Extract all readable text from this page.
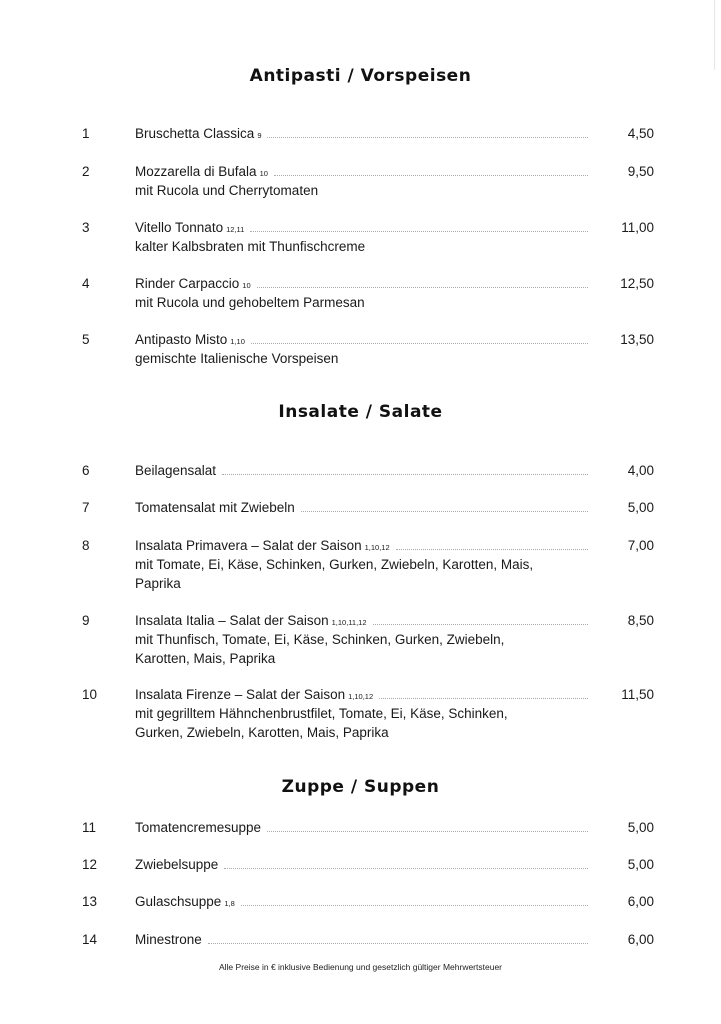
Antipasti / Vorspeisen
1	Bruschetta Classica 9	4,50
2	Mozzarella di Bufala 10	9,50
mit Rucola und Cherrytomaten
3	Vitello Tonnato 12,11	11,00
kalter Kalbsbraten mit Thunfischcreme
4	Rinder Carpaccio 10	12,50
mit Rucola und gehobeltem Parmesan
5	Antipasto Misto 1,10	13,50
gemischte Italienische Vorspeisen
Insalate / Salate
6	Beilagensalat	4,00
7	Tomatensalat mit Zwiebeln	5,00
8	Insalata Primavera – Salat der Saison 1,10,12	7,00
mit Tomate, Ei, Käse, Schinken, Gurken, Zwiebeln, Karotten, Mais, Paprika
9	Insalata Italia – Salat der Saison 1,10,11,12	8,50
mit Thunfisch, Tomate, Ei, Käse, Schinken, Gurken, Zwiebeln, Karotten, Mais, Paprika
10	Insalata Firenze – Salat der Saison 1,10,12	11,50
mit gegrilltem Hähnchenbrustfilet, Tomate, Ei, Käse, Schinken, Gurken, Zwiebeln, Karotten, Mais, Paprika
Zuppe / Suppen
11	Tomatencremesuppe	5,00
12	Zwiebelsuppe	5,00
13	Gulaschsuppe 1,8	6,00
14	Minestrone	6,00
Alle Preise in € inklusive Bedienung und gesetzlich gültiger Mehrwertsteuer
